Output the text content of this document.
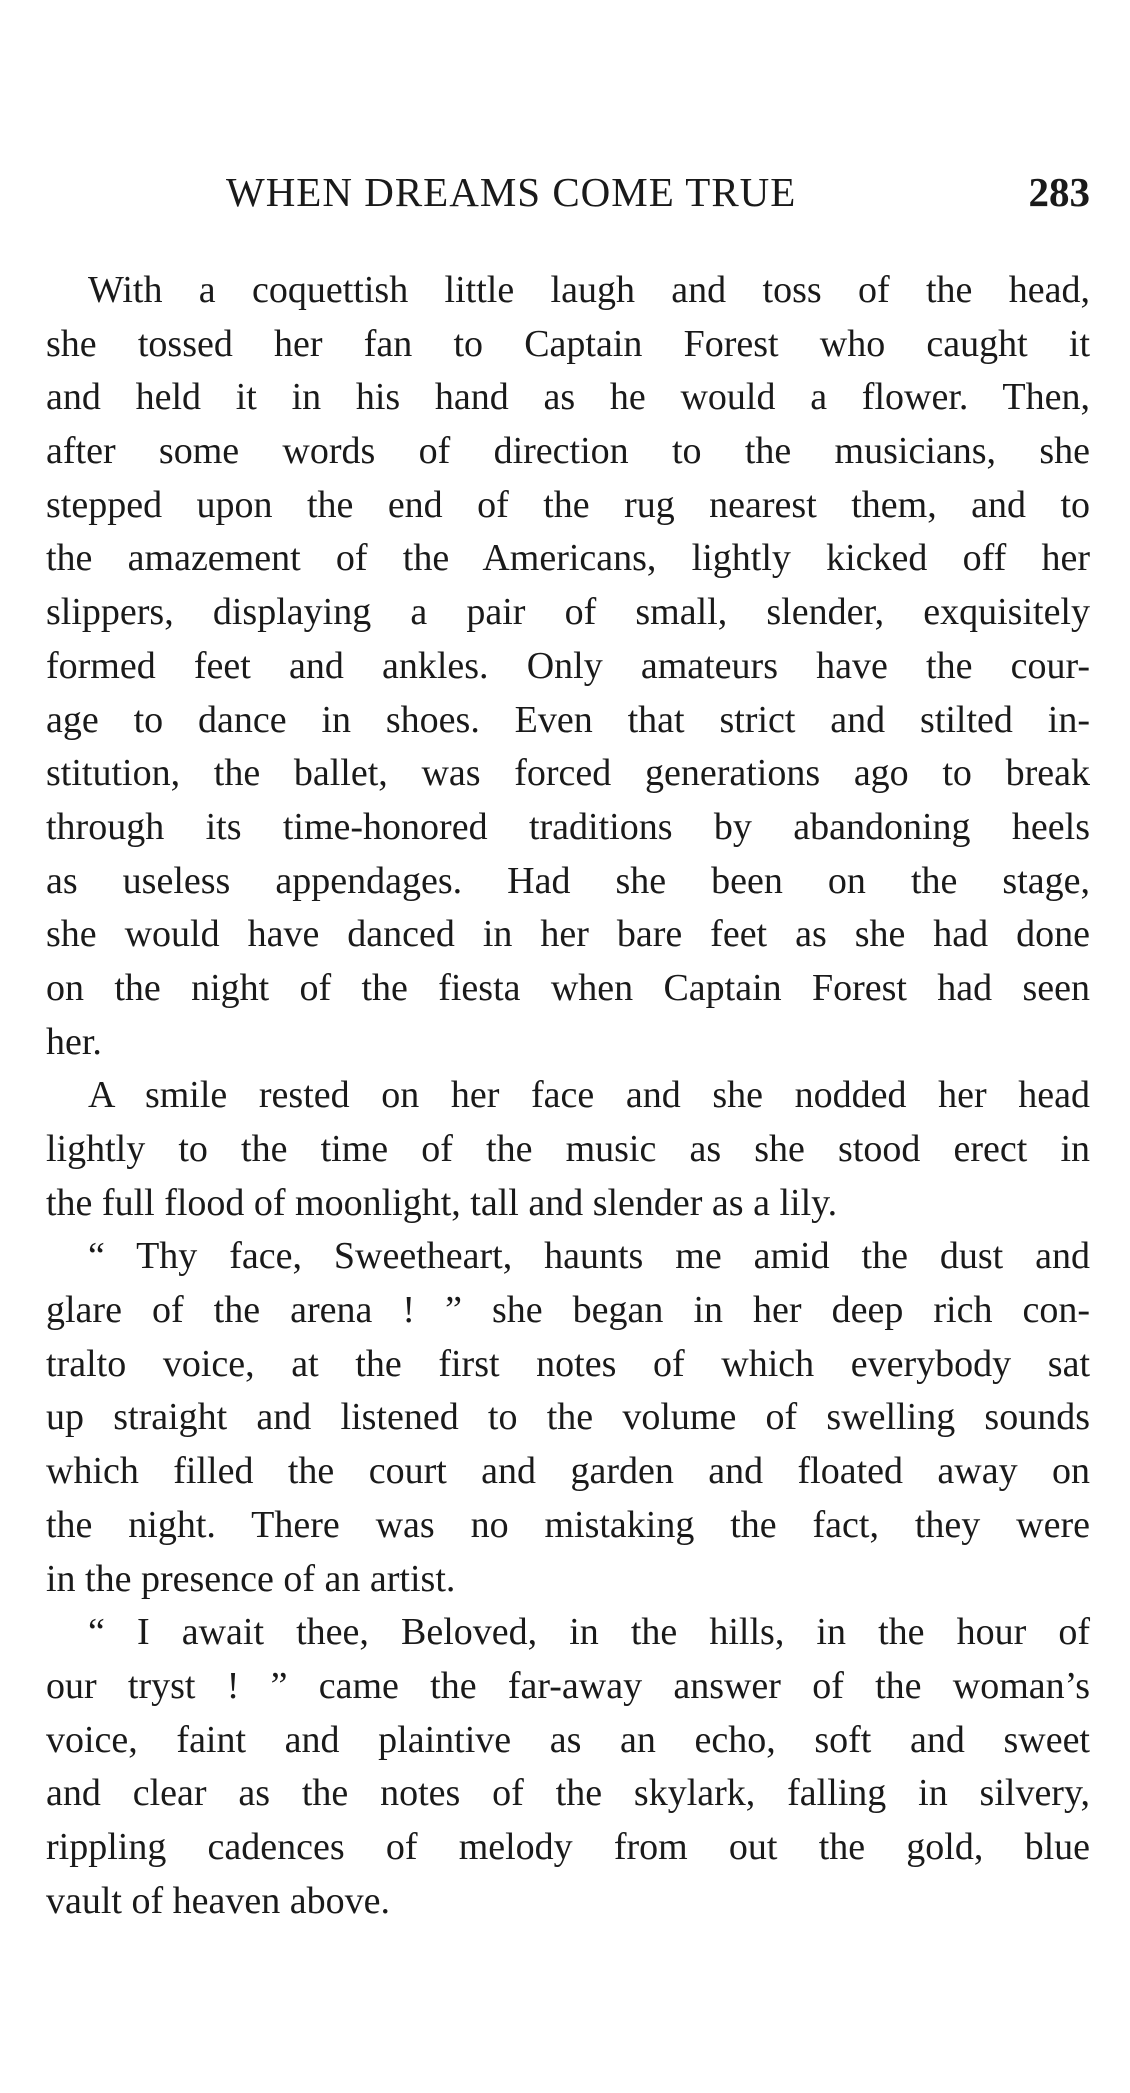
WHEN DREAMS COME TRUE	283
With a coquettish little laugh and toss of the head,
she tossed her fan to Captain Forest who caught it
and held it in his hand as he would a flower. Then,
after some words of direction to the musicians, she
stepped upon the end of the rug nearest them, and to
the amazement of the Americans, lightly kicked off her
slippers, displaying a pair of small, slender, exquisitely
formed feet and ankles. Only amateurs have the cour-
age to dance in shoes. Even that strict and stilted in-
stitution, the ballet, was forced generations ago to break
through its time-honored traditions by abandoning heels
as useless appendages. Had she been on the stage,
she would have danced in her bare feet as she had done
on the night of the fiesta when Captain Forest had seen
her.
A smile rested on her face and she nodded her head
lightly to the time of the music as she stood erect in
the full flood of moonlight, tall and slender as a lily.
“ Thy face, Sweetheart, haunts me amid the dust and
glare of the arena ! ” she began in her deep rich con-
tralto voice, at the first notes of which everybody sat
up straight and listened to the volume of swelling sounds
which filled the court and garden and floated away on
the night. There was no mistaking the fact, they were
in the presence of an artist.
“ I await thee, Beloved, in the hills, in the hour of
our tryst ! ” came the far-away answer of the woman’s
voice, faint and plaintive as an echo, soft and sweet
and clear as the notes of the skylark, falling in silvery,
rippling cadences of melody from out the gold, blue
vault of heaven above.
